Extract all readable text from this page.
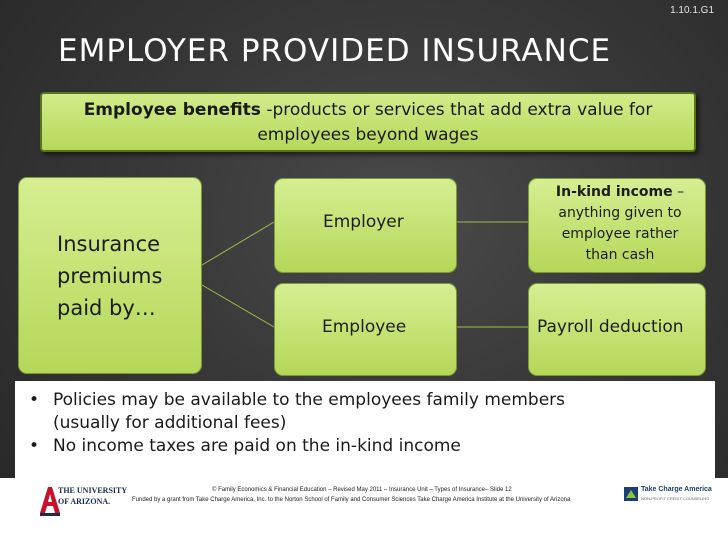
1.10.1.G1
EMPLOYER PROVIDED INSURANCE
Employee benefits -products or services that add extra value for
employees beyond wages
Insurance
premiums
paid by…
Employer
Employee
In-kind income –
anything given to
employee rather
than cash
Payroll deduction
• Policies may be available to the employees family members
(usually for additional fees)
• No income taxes are paid on the in-kind income
THE UNIVERSITY
OF ARIZONA.
© Family Economics & Financial Education – Revised May 2011 – Insurance Unit – Types of Insurance– Slide 12
Funded by a grant from Take Charge America, Inc. to the Norton School of Family and Consumer Sciences Take Charge America Institute at the University of Arizona
Take Charge America
NON-PROFIT CREDIT COUNSELING
